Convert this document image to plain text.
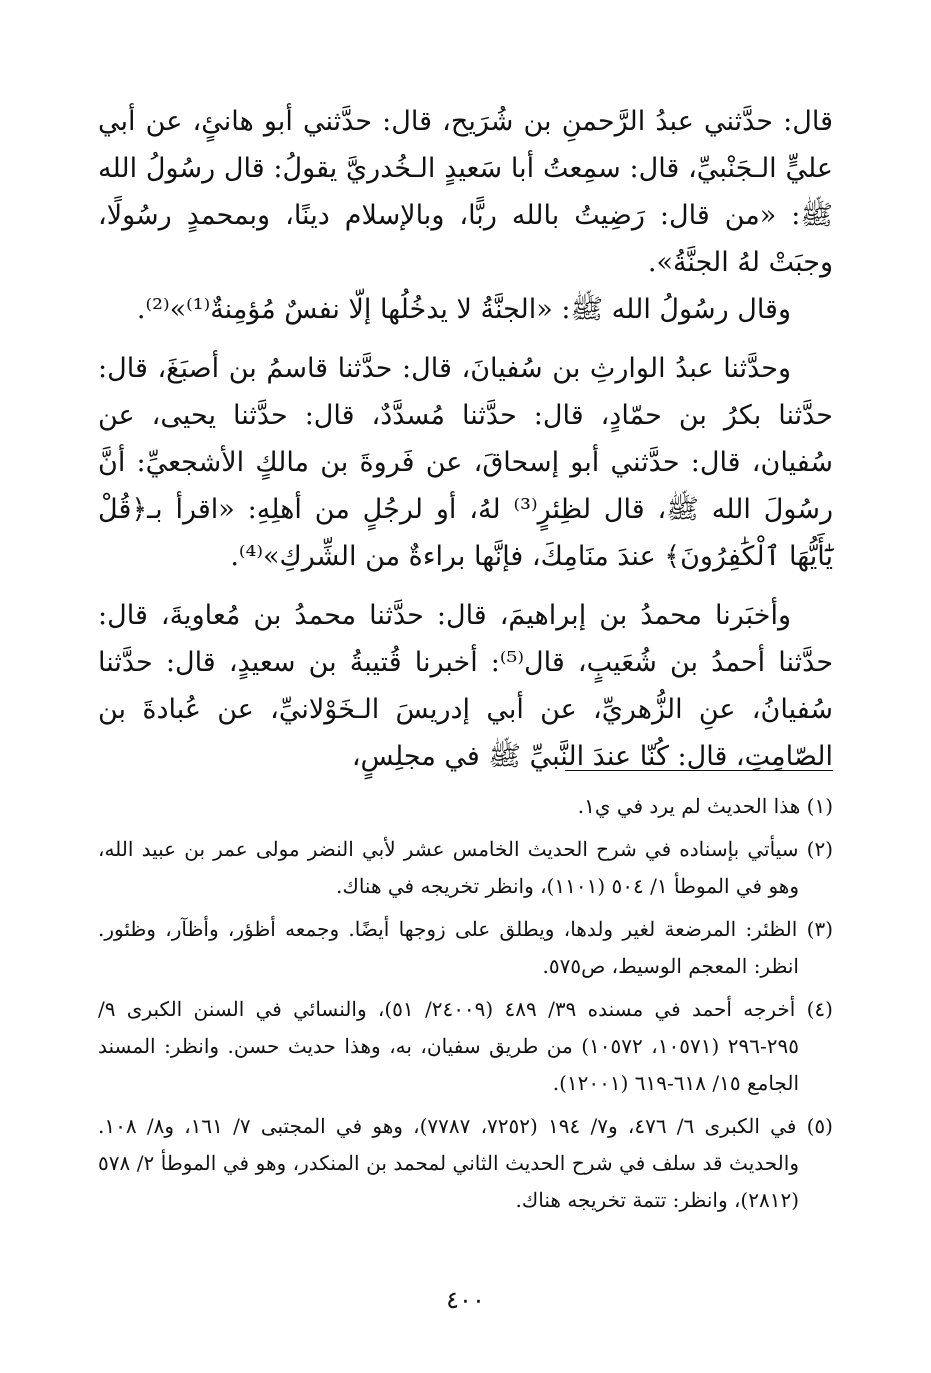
قال: حدَّثني عبدُ الرَّحمنِ بن شُرَيح، قال: حدَّثني أبو هانئٍ، عن أبي عليٍّ الـجَنْبيِّ، قال: سمِعتُ أبا سَعيدٍ الـخُدريَّ يقولُ: قال رسُولُ الله ﷺ: «من قال: رَضِيتُ بالله ربًّا، وبالإسلام دينًا، وبمحمدٍ رسُولًا، وجبَتْ لهُ الجنَّةُ».

وقال رسُولُ الله ﷺ: «الجنَّةُ لا يدخُلُها إلّا نفسٌ مُؤمِنةٌ⁽¹⁾»⁽²⁾.

وحدَّثنا عبدُ الوارثِ بن سُفيانَ، قال: حدَّثنا قاسمُ بن أصبَغَ، قال: حدَّثنا بكرُ بن حمّادٍ، قال: حدَّثنا مُسدَّدٌ، قال: حدَّثنا يحيى، عن سُفيان، قال: حدَّثني أبو إسحاقَ، عن فَروةَ بن مالكٍ الأشجعيِّ: أنَّ رسُولَ الله ﷺ، قال لظِئرٍ⁽³⁾ لهُ، أو لرجُلٍ من أهلِهِ: «اقرأ بـ﴿قُلْ يَٰٓأَيُّهَا ٱلْكَٰفِرُونَ﴾ عندَ منَامِكَ، فإنَّها براءةٌ من الشِّركِ»⁽⁴⁾.

وأخبَرنا محمدُ بن إبراهيمَ، قال: حدَّثنا محمدُ بن مُعاويةَ، قال: حدَّثنا أحمدُ بن شُعَيبٍ، قال⁽⁵⁾: أخبرنا قُتيبةُ بن سعيدٍ، قال: حدَّثنا سُفيانُ، عنِ الزُّهريِّ، عن أبي إدريسَ الـخَوْلانيِّ، عن عُبادةَ بن الصّامِتِ، قال: كُنّا عندَ النَّبيِّ ﷺ في مجلِسٍ،

(١) هذا الحديث لم يرد في ي١.

(٢) سيأتي بإسناده في شرح الحديث الخامس عشر لأبي النضر مولى عمر بن عبيد الله، وهو في الموطأ ١/ ٥٠٤ (١١٠١)، وانظر تخريجه في هناك.

(٣) الظئر: المرضعة لغير ولدها، ويطلق على زوجها أيضًا. وجمعه أظؤر، وأظآر، وظئور. انظر: المعجم الوسيط، ص٥٧٥.

(٤) أخرجه أحمد في مسنده ٣٩/ ٤٨٩ (٢٤٠٠٩/ ٥١)، والنسائي في السنن الكبرى ٩/ ٢٩٥-٢٩٦ (١٠٥٧١، ١٠٥٧٢) من طريق سفيان، به، وهذا حديث حسن. وانظر: المسند الجامع ١٥/ ٦١٨-٦١٩ (١٢٠٠١).

(٥) في الكبرى ٦/ ٤٧٦، و٧/ ١٩٤ (٧٢٥٢، ٧٧٨٧)، وهو في المجتبى ٧/ ١٦١، و٨/ ١٠٨. والحديث قد سلف في شرح الحديث الثاني لمحمد بن المنكدر، وهو في الموطأ ٢/ ٥٧٨ (٢٨١٢)، وانظر: تتمة تخريجه هناك.

٤٠٠
